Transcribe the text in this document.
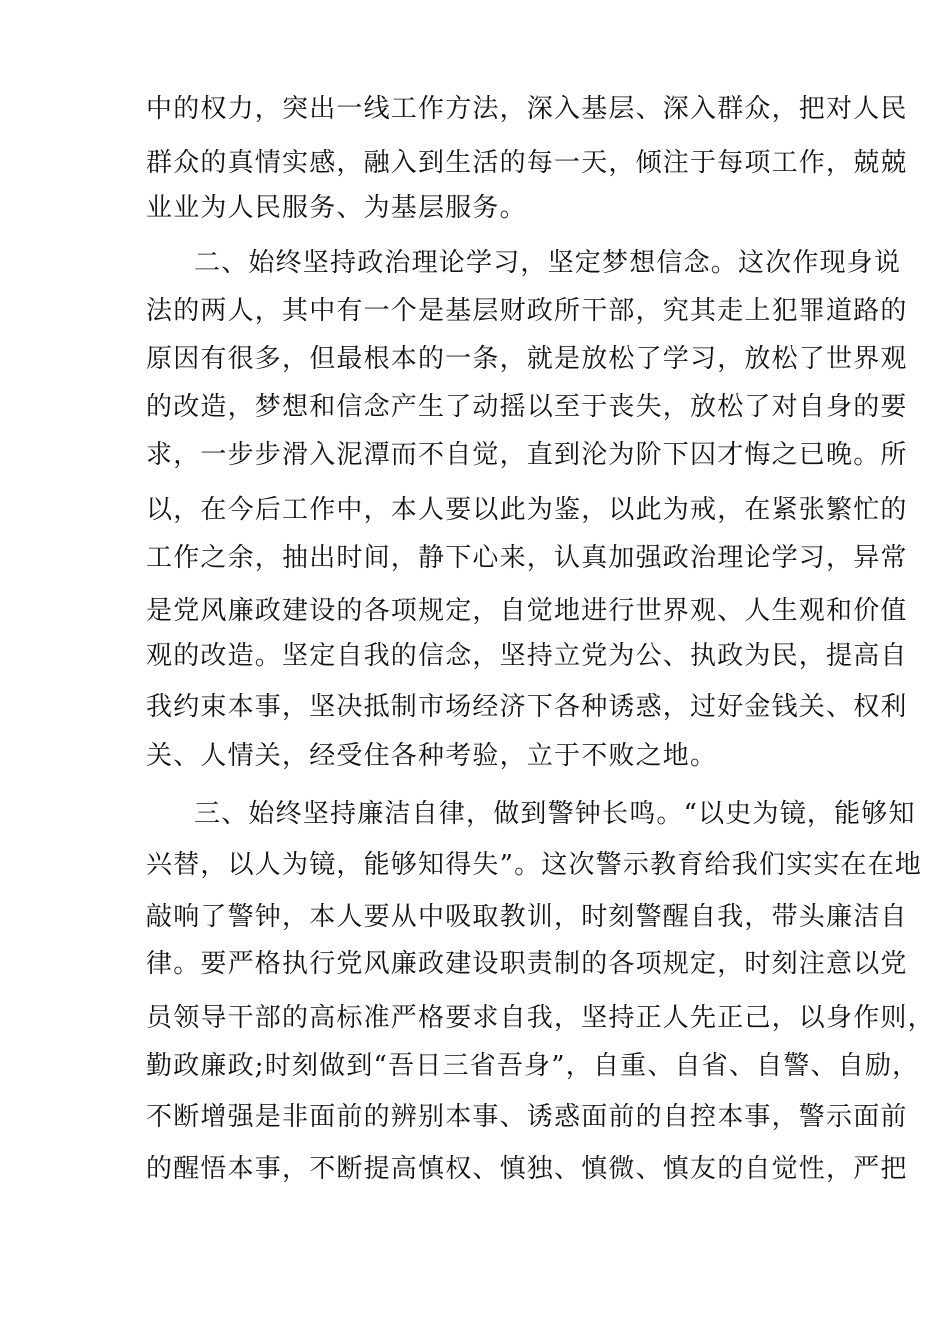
中的权力，突出一线工作方法，深入基层、深入群众，把对人民
群众的真情实感，融入到生活的每一天，倾注于每项工作，兢兢
业业为人民服务、为基层服务。
二、始终坚持政治理论学习，坚定梦想信念。这次作现身说
法的两人，其中有一个是基层财政所干部，究其走上犯罪道路的
原因有很多，但最根本的一条，就是放松了学习，放松了世界观
的改造，梦想和信念产生了动摇以至于丧失，放松了对自身的要
求，一步步滑入泥潭而不自觉，直到沦为阶下囚才悔之已晚。所
以，在今后工作中，本人要以此为鉴，以此为戒，在紧张繁忙的
工作之余，抽出时间，静下心来，认真加强政治理论学习，异常
是党风廉政建设的各项规定，自觉地进行世界观、人生观和价值
观的改造。坚定自我的信念，坚持立党为公、执政为民，提高自
我约束本事，坚决抵制市场经济下各种诱惑，过好金钱关、权利
关、人情关，经受住各种考验，立于不败之地。
三、始终坚持廉洁自律，做到警钟长鸣。“以史为镜，能够知
兴替，以人为镜，能够知得失”。这次警示教育给我们实实在在地
敲响了警钟，本人要从中吸取教训，时刻警醒自我，带头廉洁自
律。要严格执行党风廉政建设职责制的各项规定，时刻注意以党
员领导干部的高标准严格要求自我，坚持正人先正己，以身作则，
勤政廉政;时刻做到“吾日三省吾身”，自重、自省、自警、自励，
不断增强是非面前的辨别本事、诱惑面前的自控本事，警示面前
的醒悟本事，不断提高慎权、慎独、慎微、慎友的自觉性，严把
